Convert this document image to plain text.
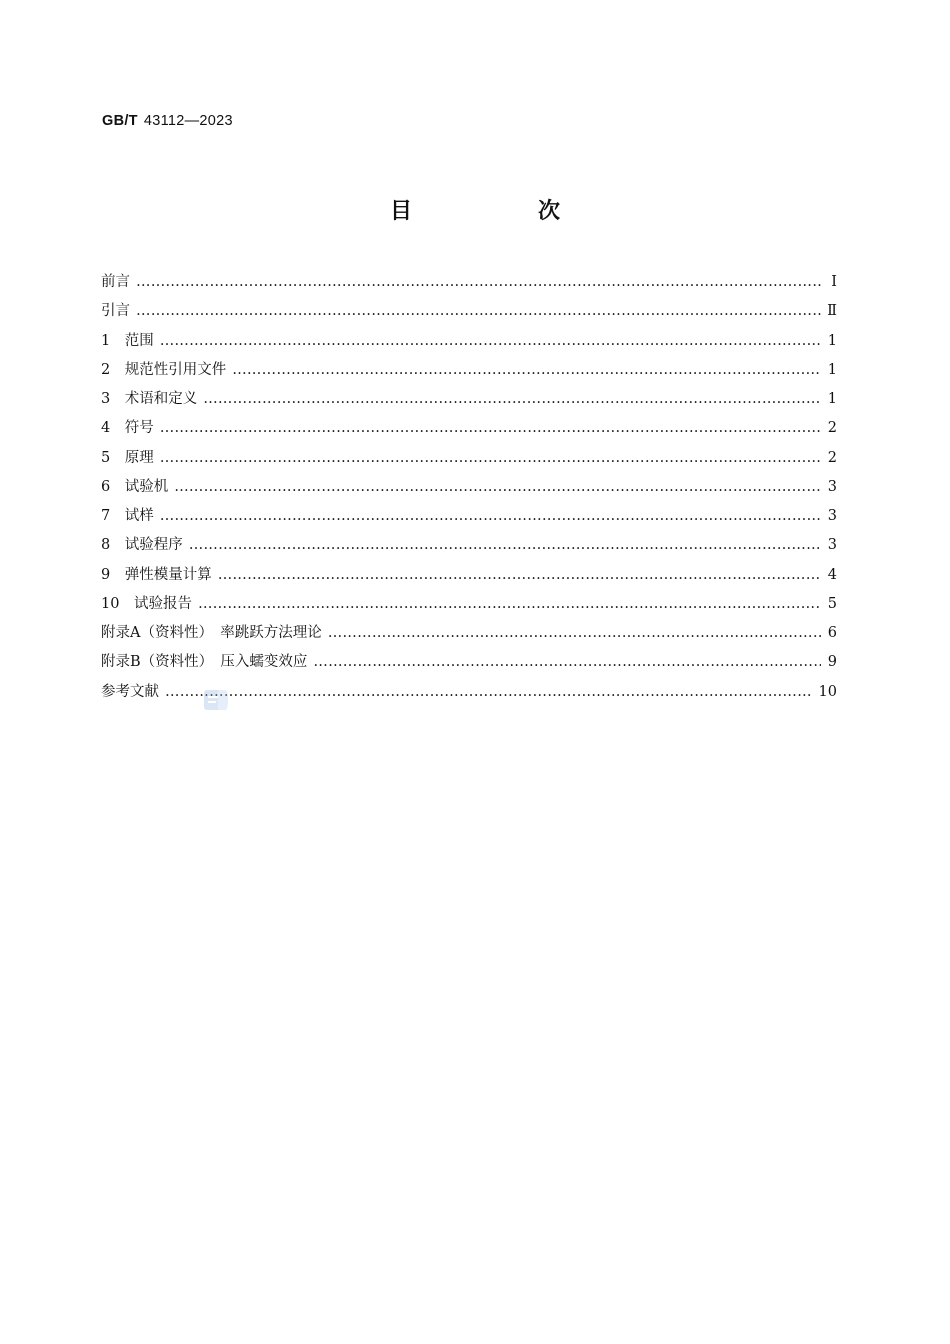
GB/T 43112—2023
目　次
前言 ……………………………………………………………………………………………………………………………………………………………………………………………………………………………………………………	Ⅰ
引言 ……………………………………………………………………………………………………………………………………………………………………………………………………………………………………………………	Ⅱ
1　范围 ……………………………………………………………………………………………………………………………………………………………………………………………………………………………………………………	1
2　规范性引用文件 ……………………………………………………………………………………………………………………………………………………………………………………………………………………………………………………	1
3　术语和定义 ……………………………………………………………………………………………………………………………………………………………………………………………………………………………………………………	1
4　符号 ……………………………………………………………………………………………………………………………………………………………………………………………………………………………………………………	2
5　原理 ……………………………………………………………………………………………………………………………………………………………………………………………………………………………………………………	2
6　试验机 ……………………………………………………………………………………………………………………………………………………………………………………………………………………………………………………	3
7　试样 ……………………………………………………………………………………………………………………………………………………………………………………………………………………………………………………	3
8　试验程序 ……………………………………………………………………………………………………………………………………………………………………………………………………………………………………………………	3
9　弹性模量计算 ……………………………………………………………………………………………………………………………………………………………………………………………………………………………………………………	4
10　试验报告 ……………………………………………………………………………………………………………………………………………………………………………………………………………………………………………………	5
附录A（资料性）　率跳跃方法理论 ……………………………………………………………………………………………………………………………………………………………………………………………………………………………………………………	6
附录B（资料性）　压入蠕变效应 ……………………………………………………………………………………………………………………………………………………………………………………………………………………………………………………	9
参考文献 ……………………………………………………………………………………………………………………………………………………………………………………………………………………………………………………	10
